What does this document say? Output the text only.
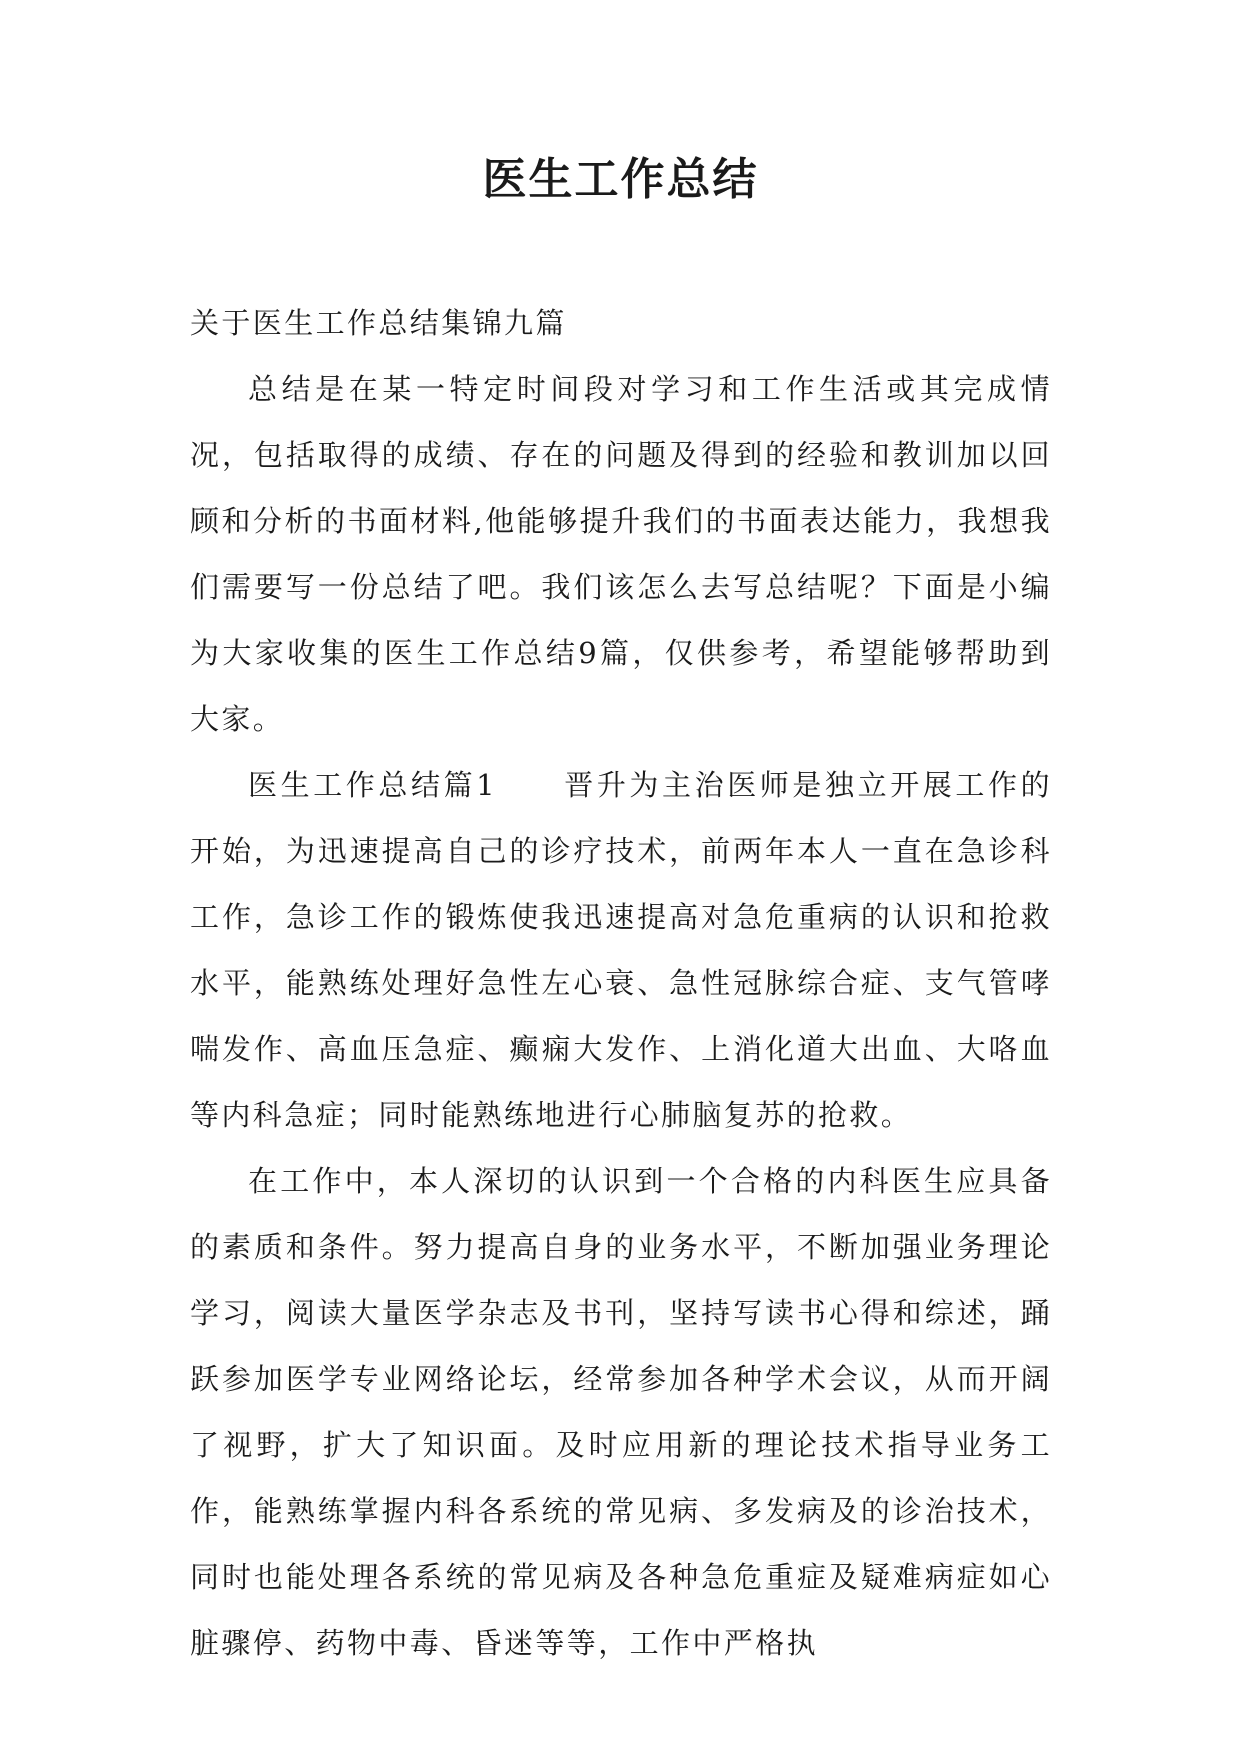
医生工作总结

关于医生工作总结集锦九篇

总结是在某一特定时间段对学习和工作生活或其完成情况，包括取得的成绩、存在的问题及得到的经验和教训加以回顾和分析的书面材料,他能够提升我们的书面表达能力，我想我们需要写一份总结了吧。我们该怎么去写总结呢？下面是小编为大家收集的医生工作总结9篇，仅供参考，希望能够帮助到大家。

医生工作总结篇1 晋升为主治医师是独立开展工作的开始，为迅速提高自己的诊疗技术，前两年本人一直在急诊科工作，急诊工作的锻炼使我迅速提高对急危重病的认识和抢救水平，能熟练处理好急性左心衰、急性冠脉综合症、支气管哮喘发作、高血压急症、癫痫大发作、上消化道大出血、大咯血等内科急症；同时能熟练地进行心肺脑复苏的抢救。

在工作中，本人深切的认识到一个合格的内科医生应具备的素质和条件。努力提高自身的业务水平，不断加强业务理论学习，阅读大量医学杂志及书刊，坚持写读书心得和综述，踊跃参加医学专业网络论坛，经常参加各种学术会议，从而开阔了视野，扩大了知识面。及时应用新的理论技术指导业务工作，能熟练掌握内科各系统的常见病、多发病及的诊治技术，同时也能处理各系统的常见病及各种急危重症及疑难病症如心脏骤停、药物中毒、昏迷等等，工作中严格执
